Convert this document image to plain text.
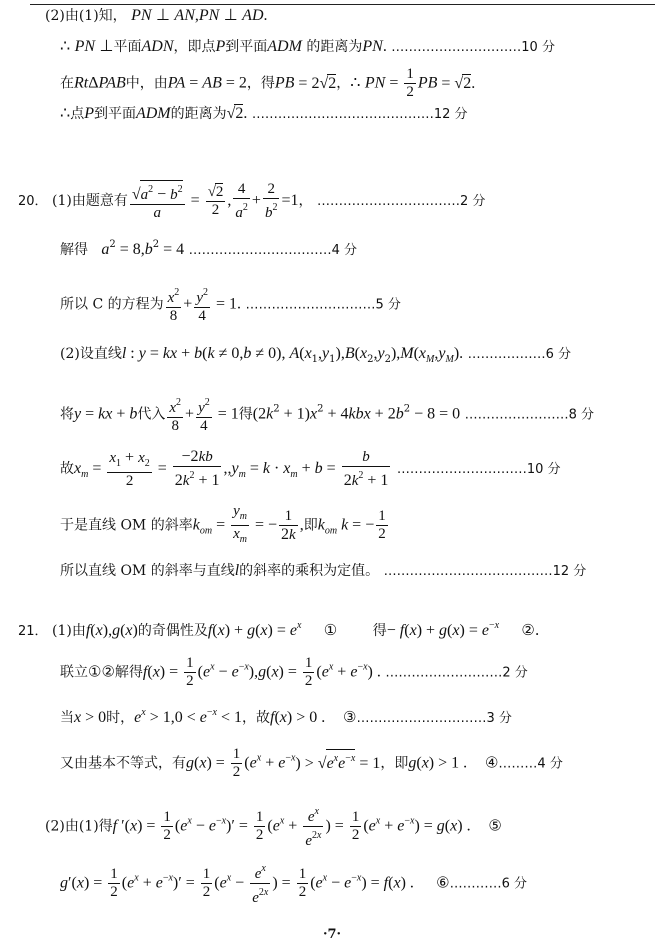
(2)由(1)知， PN ⊥ AN,PN ⊥ AD.
∴ PN ⊥平面ADN，即点P到平面ADM 的距离为PN. …………………………10 分
在RtΔPAB中，由PA = AB = 2，得PB = 2√2，∴ PN = $\frac{1}{2}$ PB = √2.
∴点P到平面ADM的距离为√2. ……………………………………12 分
20． (1)由题意有 $\frac{√a^2 - b^2}{a} = \frac{√2}{2}$ , $\frac{4}{a^2} + \frac{2}{b^2} =1$， ……………………………2 分
解得 $a^2 = 8,b^2 = 4$ ……………………………4 分
所以 C 的方程为 $\frac{x^2}{8} + \frac{y^2}{4} = 1$. …………………………5 分
(2)设直线l : y = kx + b(k ≠ 0,b ≠ 0), $A(x_1,y_1),B(x_2,y_2),M(x_M,y_M)$. ………………6 分
将y = kx + b代入 $\frac{x^2}{8} + \frac{y^2}{4} = 1$得$(2k^2 + 1)x^2 + 4kbx + 2b^2 - 8 = 0$ ……………………8 分
故$x_m = \frac{x_1 + x_2}{2} = \frac{-2kb}{2k^2 + 1} ,,y_m = k \cdot x_m + b = \frac{b}{2k^2 + 1}$ …………………………10 分
于是直线 OM 的斜率$k_{om} = \frac{y_m}{x_m}$ = − $\frac{1}{2k}$ ,即$k_{om}$ k = − $\frac{1}{2}$
所以直线 OM 的斜率与直线l的斜率的乘积为定值。 …………………………………12 分
21． (1)由f(x),g(x)的奇偶性及$f(x) + g(x) = e^x$ ①	得− $f(x) + g(x) = e^{-x}$ ②.
联立①②解得$f(x) = \frac{1}{2} (e^x - e^{-x}),g(x) = \frac{1}{2} (e^x + e^{-x})$ . ………………………2 分
当x > 0时，$e^x > 1,0 < e^{-x} < 1$，故f(x) > 0 . ③…………………………3 分
又由基本不等式，有$g(x) = \frac{1}{2} (e^x + e^{-x}) > √e^xe^{-x} = 1$，即g(x) > 1 . ④………4 分
(2)由(1)得f $'(x) = \frac{1}{2} (e^x - e^{-x})' = \frac{1}{2} (e^x + \frac{e^x}{e^{2x}}$ ) = $\frac{1}{2} (e^x + e^{-x}) = g(x)$ . ⑤
$g'(x) = \frac{1}{2} (e^x + e^{-x})' = \frac{1}{2} (e^x - \frac{e^x}{e^{2x}}$ ) = $\frac{1}{2} (e^x - e^{-x}) = f(x)$ . ⑥…………6 分
·7·
